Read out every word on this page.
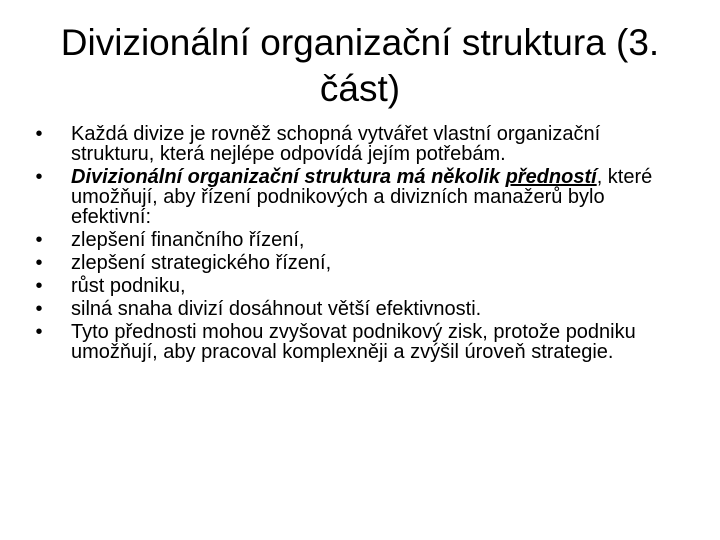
Divizionální organizační struktura (3.
část)
• Každá divize je rovněž schopná vytvářet vlastní organizační strukturu, která nejlépe odpovídá jejím potřebám.
• Divizionální organizační struktura má několik předností, které umožňují, aby řízení podnikových a divizních manažerů bylo efektivní:
• zlepšení finančního řízení,
• zlepšení strategického řízení,
• růst podniku,
• silná snaha divizí dosáhnout větší efektivnosti.
• Tyto přednosti mohou zvyšovat podnikový zisk, protože podniku umožňují, aby pracoval komplexněji a zvýšil úroveň strategie.
